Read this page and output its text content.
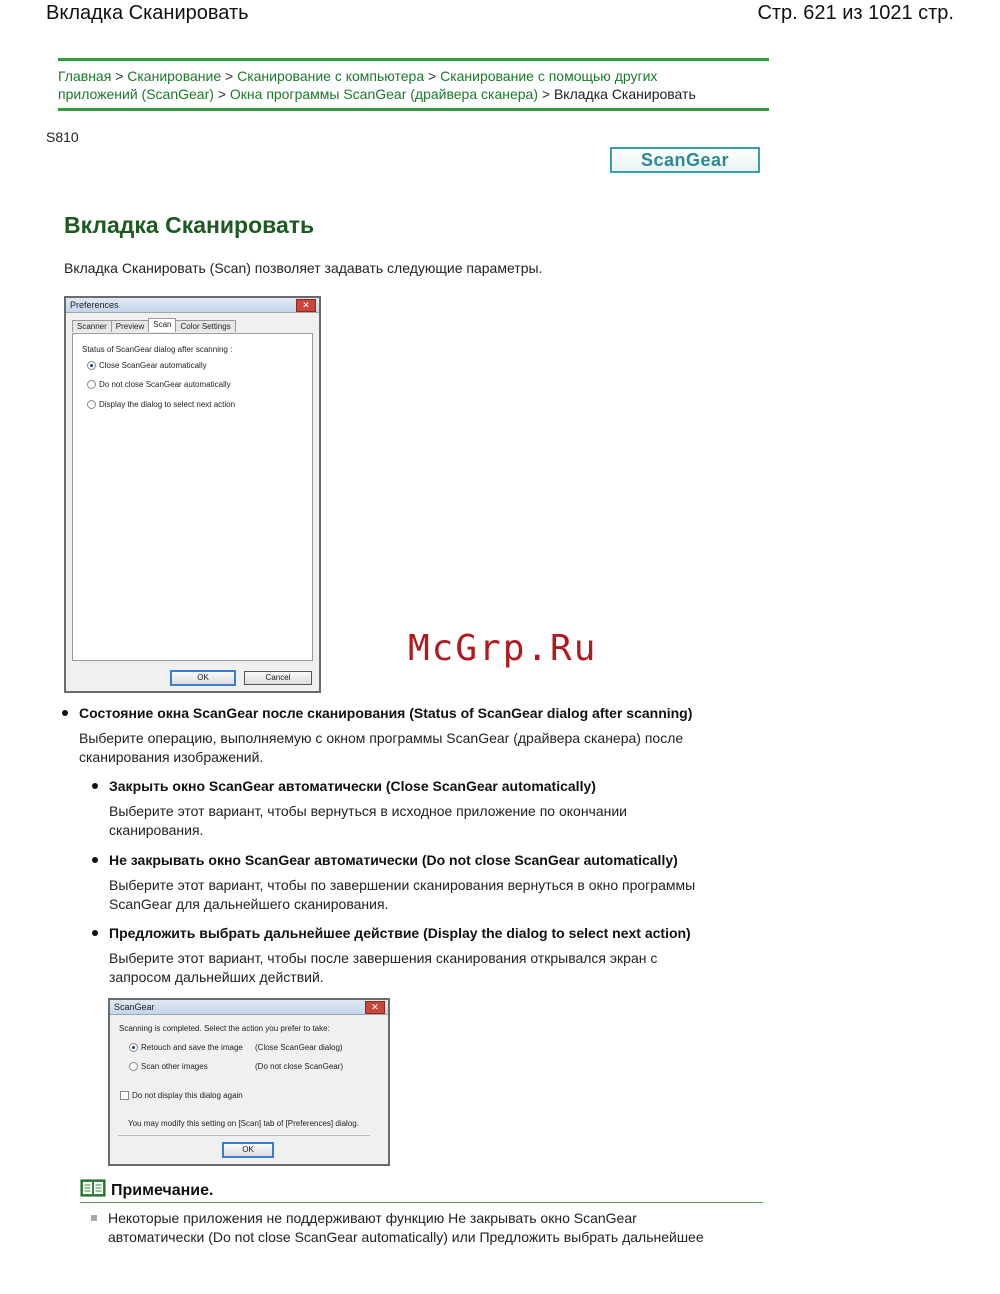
Вкладка Сканировать	Стр. 621 из 1021 стр.
Главная > Сканирование > Сканирование с компьютера > Сканирование с помощью других
приложений (ScanGear) > Окна программы ScanGear (драйвера сканера) > Вкладка Сканировать
S810
ScanGear
Вкладка Сканировать
Вкладка Сканировать (Scan) позволяет задавать следующие параметры.
Preferences	✕
Scanner Preview Scan Color Settings
Status of ScanGear dialog after scanning :
Close ScanGear automatically
Do not close ScanGear automatically
Display the dialog to select next action
OK	Cancel
McGrp.Ru
Состояние окна ScanGear после сканирования (Status of ScanGear dialog after scanning)
Выберите операцию, выполняемую с окном программы ScanGear (драйвера сканера) после
сканирования изображений.
Закрыть окно ScanGear автоматически (Close ScanGear automatically)
Выберите этот вариант, чтобы вернуться в исходное приложение по окончании
сканирования.
Не закрывать окно ScanGear автоматически (Do not close ScanGear automatically)
Выберите этот вариант, чтобы по завершении сканирования вернуться в окно программы
ScanGear для дальнейшего сканирования.
Предложить выбрать дальнейшее действие (Display the dialog to select next action)
Выберите этот вариант, чтобы после завершения сканирования открывался экран с
запросом дальнейших действий.
ScanGear	✕
Scanning is completed. Select the action you prefer to take:
Retouch and save the image (Close ScanGear dialog)
Scan other images	(Do not close ScanGear)
Do not display this dialog again
You may modify this setting on [Scan] tab of [Preferences] dialog.
OK
Примечание.
Некоторые приложения не поддерживают функцию Не закрывать окно ScanGear
автоматически (Do not close ScanGear automatically) или Предложить выбрать дальнейшее
